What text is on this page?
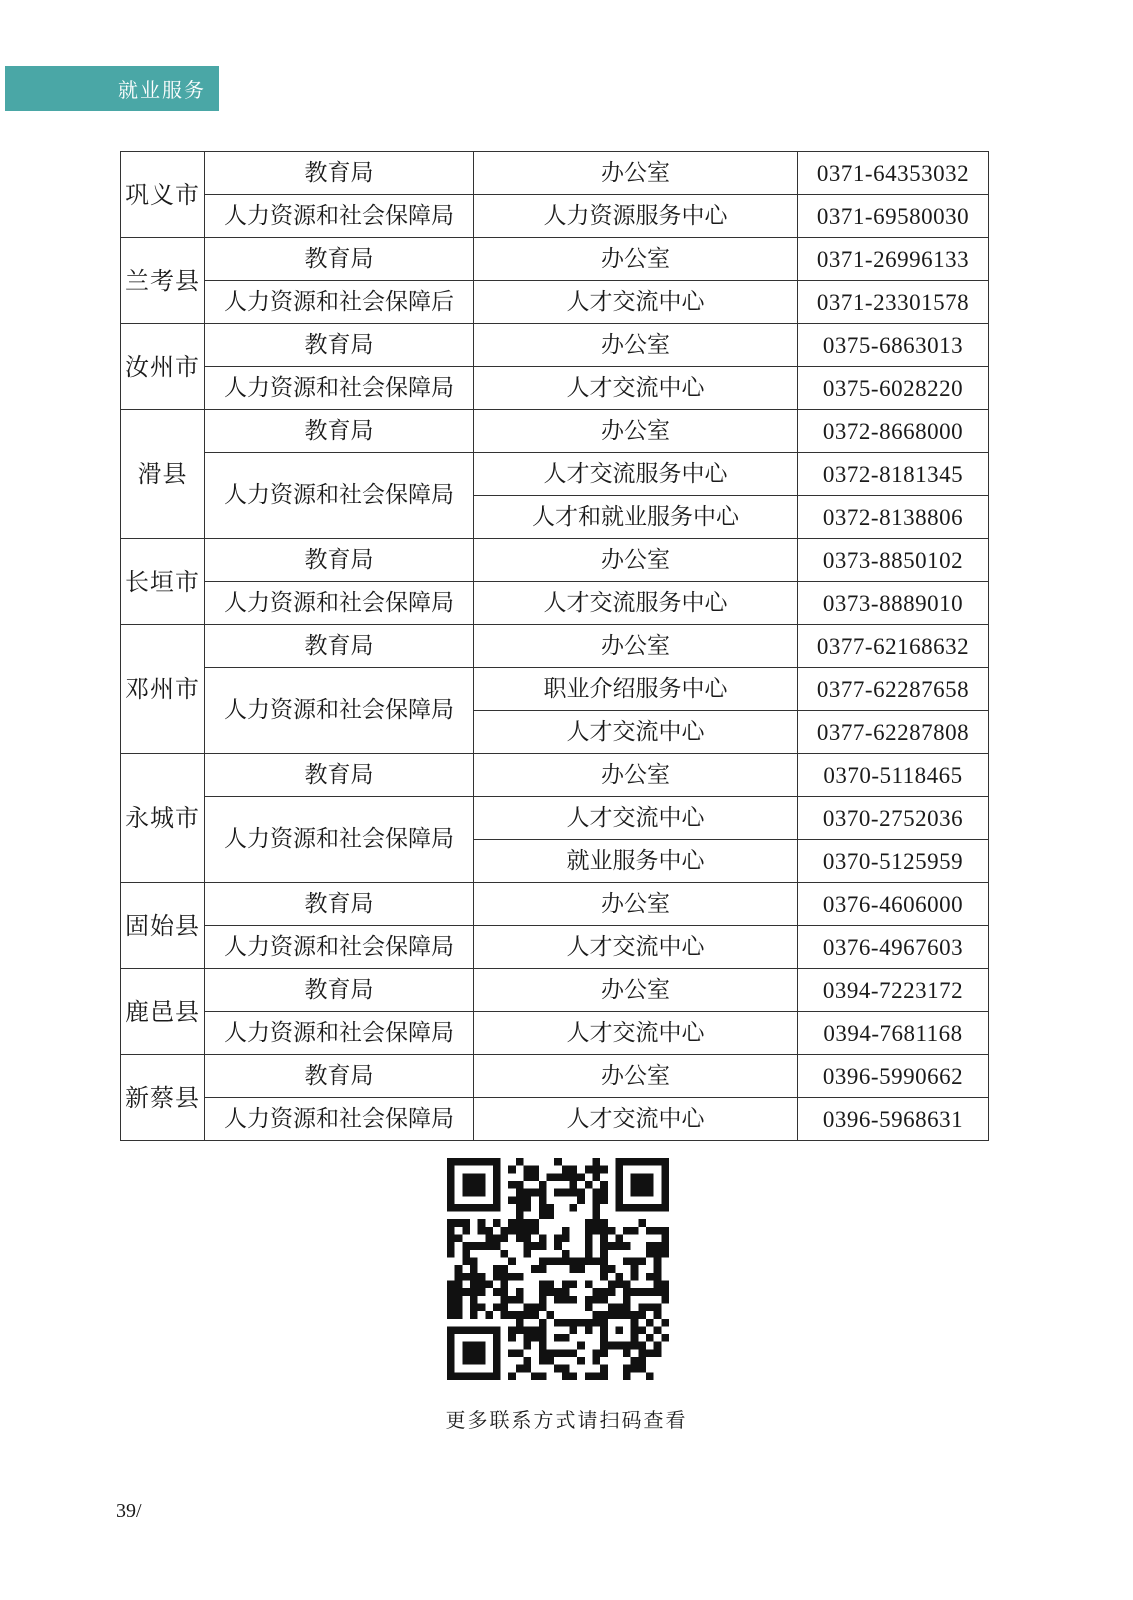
就业服务
巩义市	教育局	办公室	0371-64353032
	人力资源和社会保障局	人力资源服务中心	0371-69580030
兰考县	教育局	办公室	0371-26996133
	人力资源和社会保障后	人才交流中心	0371-23301578
汝州市	教育局	办公室	0375-6863013
	人力资源和社会保障局	人才交流中心	0375-6028220
滑县	教育局	办公室	0372-8668000
	人力资源和社会保障局	人才交流服务中心	0372-8181345
		人才和就业服务中心	0372-8138806
长垣市	教育局	办公室	0373-8850102
	人力资源和社会保障局	人才交流服务中心	0373-8889010
邓州市	教育局	办公室	0377-62168632
	人力资源和社会保障局	职业介绍服务中心	0377-62287658
		人才交流中心	0377-62287808
永城市	教育局	办公室	0370-5118465
	人力资源和社会保障局	人才交流中心	0370-2752036
		就业服务中心	0370-5125959
固始县	教育局	办公室	0376-4606000
	人力资源和社会保障局	人才交流中心	0376-4967603
鹿邑县	教育局	办公室	0394-7223172
	人力资源和社会保障局	人才交流中心	0394-7681168
新蔡县	教育局	办公室	0396-5990662
	人力资源和社会保障局	人才交流中心	0396-5968631
更多联系方式请扫码查看
39/
